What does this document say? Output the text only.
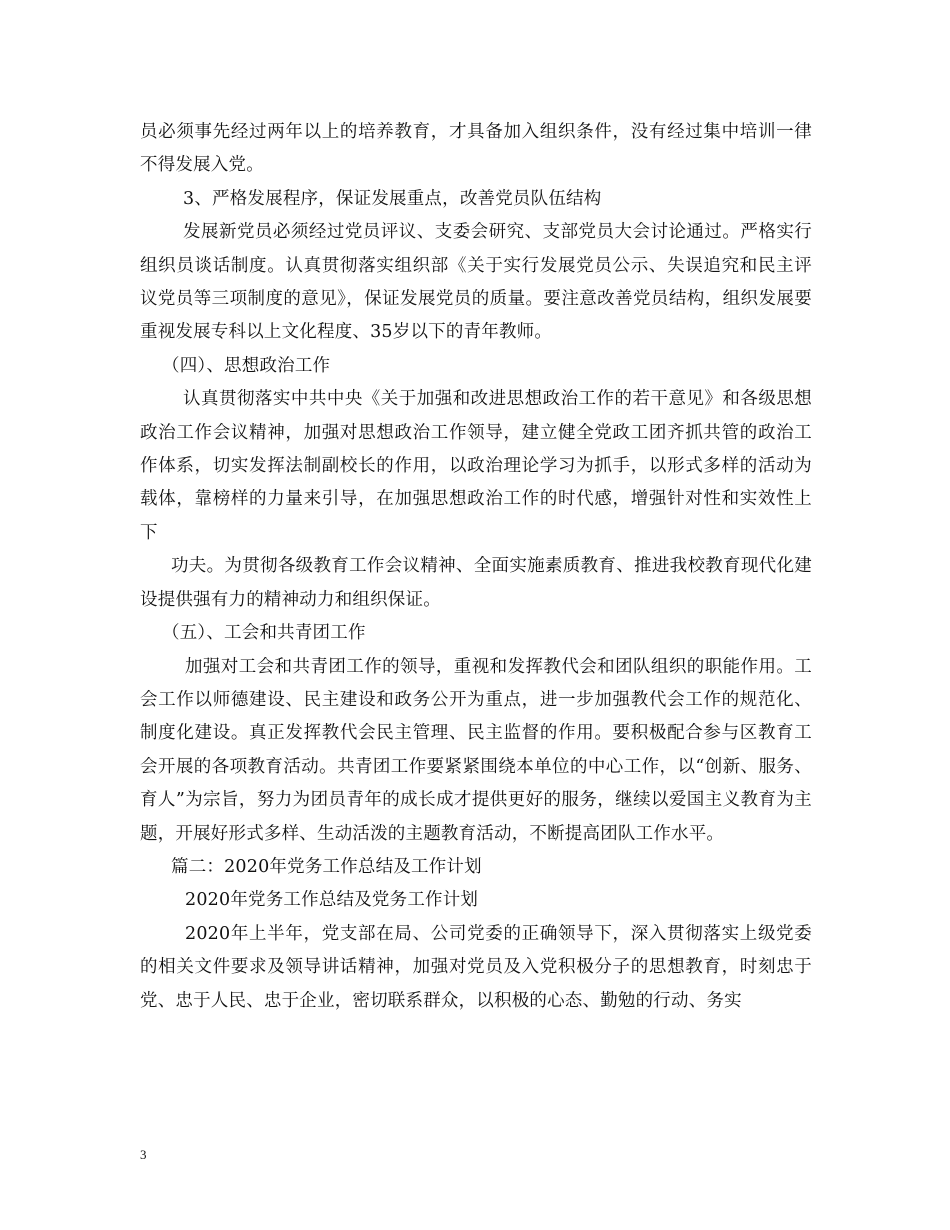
员必须事先经过两年以上的培养教育，才具备加入组织条件，没有经过集中培训一律不得发展入党。

3、严格发展程序，保证发展重点，改善党员队伍结构

发展新党员必须经过党员评议、支委会研究、支部党员大会讨论通过。严格实行组织员谈话制度。认真贯彻落实组织部《关于实行发展党员公示、失误追究和民主评议党员等三项制度的意见》，保证发展党员的质量。要注意改善党员结构，组织发展要重视发展专科以上文化程度、35岁以下的青年教师。

（四）、思想政治工作

认真贯彻落实中共中央《关于加强和改进思想政治工作的若干意见》和各级思想政治工作会议精神，加强对思想政治工作领导，建立健全党政工团齐抓共管的政治工作体系，切实发挥法制副校长的作用，以政治理论学习为抓手，以形式多样的活动为载体，靠榜样的力量来引导，在加强思想政治工作的时代感，增强针对性和实效性上下

功夫。为贯彻各级教育工作会议精神、全面实施素质教育、推进我校教育现代化建设提供强有力的精神动力和组织保证。

（五）、工会和共青团工作

加强对工会和共青团工作的领导，重视和发挥教代会和团队组织的职能作用。工会工作以师德建设、民主建设和政务公开为重点，进一步加强教代会工作的规范化、制度化建设。真正发挥教代会民主管理、民主监督的作用。要积极配合参与区教育工会开展的各项教育活动。共青团工作要紧紧围绕本单位的中心工作，以“创新、服务、育人”为宗旨，努力为团员青年的成长成才提供更好的服务，继续以爱国主义教育为主题，开展好形式多样、生动活泼的主题教育活动，不断提高团队工作水平。

篇二：2020年党务工作总结及工作计划

2020年党务工作总结及党务工作计划

2020年上半年，党支部在局、公司党委的正确领导下，深入贯彻落实上级党委的相关文件要求及领导讲话精神，加强对党员及入党积极分子的思想教育，时刻忠于党、忠于人民、忠于企业，密切联系群众，以积极的心态、勤勉的行动、务实

3
